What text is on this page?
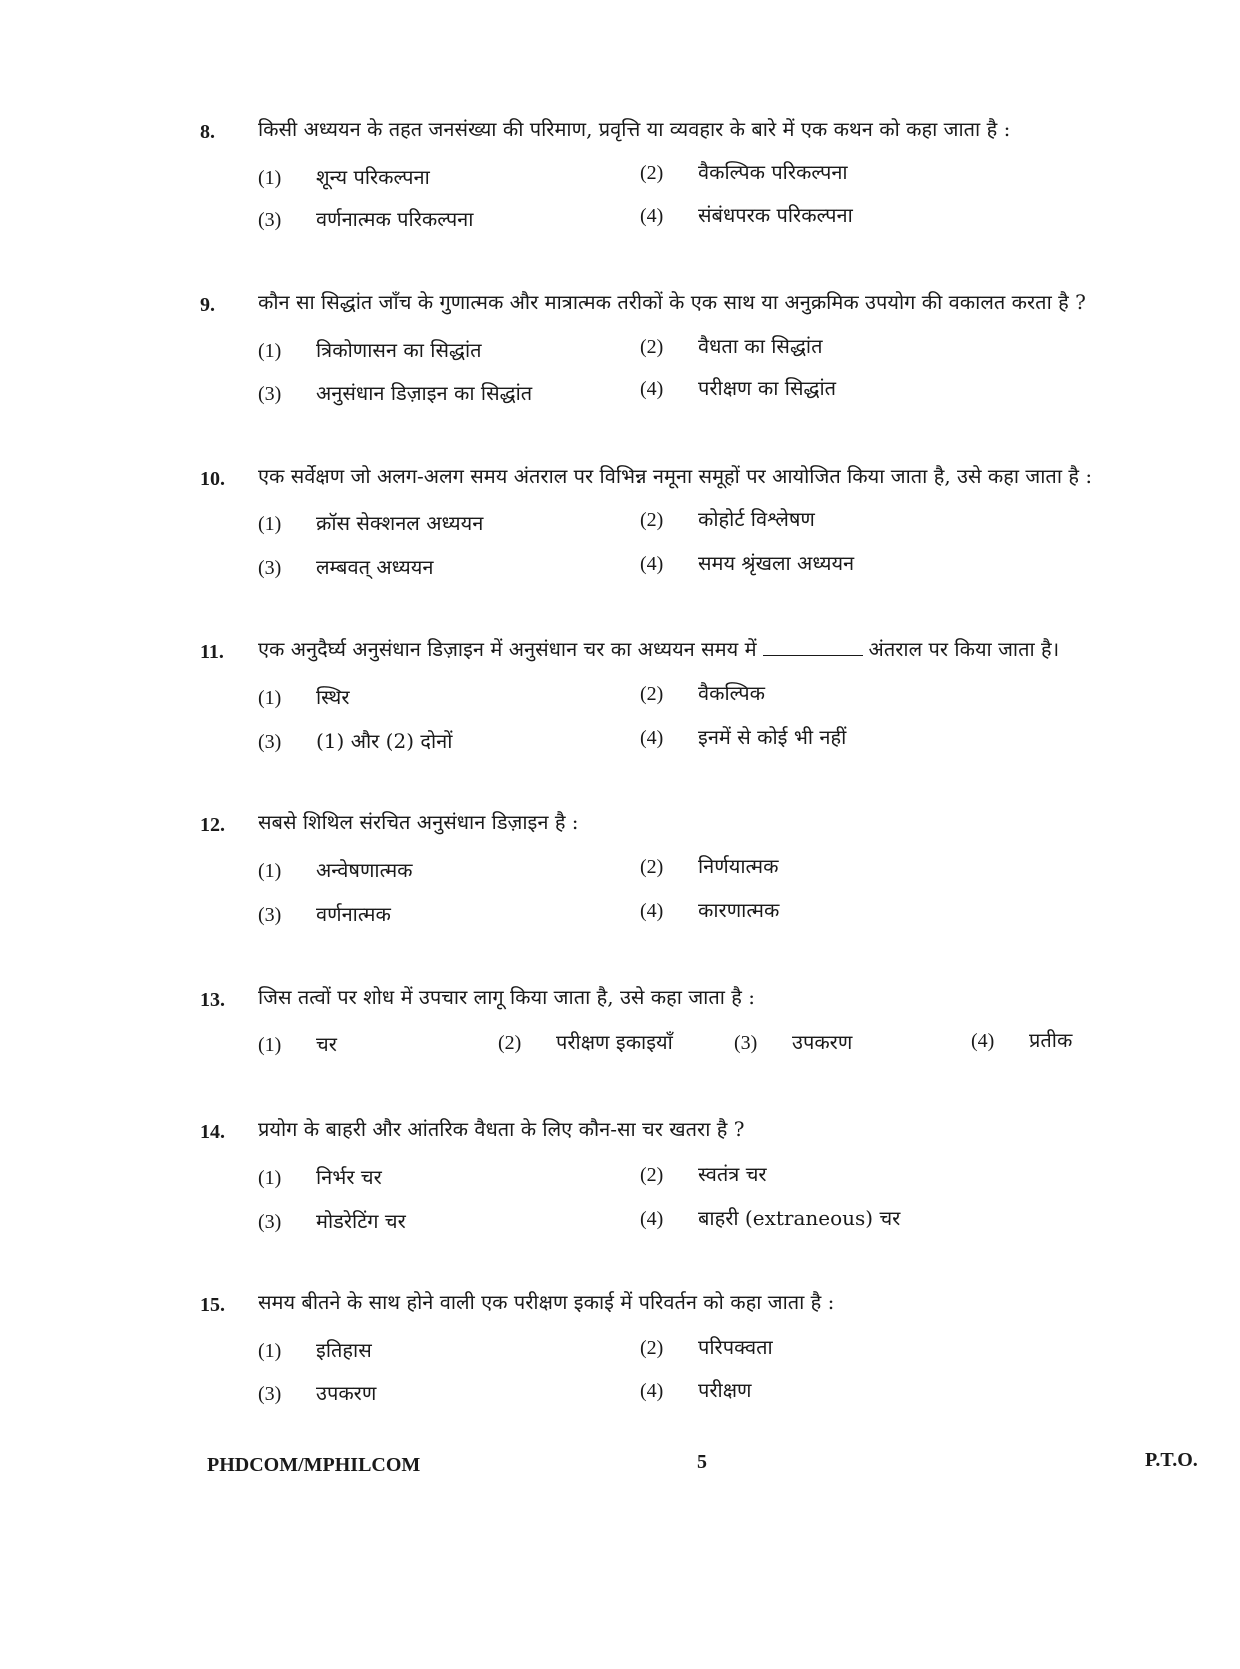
8. किसी अध्ययन के तहत जनसंख्या की परिमाण, प्रवृत्ति या व्यवहार के बारे में एक कथन को कहा जाता है :
(1) शून्य परिकल्पना	(2) वैकल्पिक परिकल्पना
(3) वर्णनात्मक परिकल्पना	(4) संबंधपरक परिकल्पना
9. कौन सा सिद्धांत जाँच के गुणात्मक और मात्रात्मक तरीकों के एक साथ या अनुक्रमिक उपयोग की वकालत करता है ?
(1) त्रिकोणासन का सिद्धांत	(2) वैधता का सिद्धांत
(3) अनुसंधान डिज़ाइन का सिद्धांत	(4) परीक्षण का सिद्धांत
10. एक सर्वेक्षण जो अलग-अलग समय अंतराल पर विभिन्न नमूना समूहों पर आयोजित किया जाता है, उसे कहा जाता है :
(1) क्रॉस सेक्शनल अध्ययन	(2) कोहोर्ट विश्लेषण
(3) लम्बवत् अध्ययन	(4) समय श्रृंखला अध्ययन
11. एक अनुदैर्घ्य अनुसंधान डिज़ाइन में अनुसंधान चर का अध्ययन समय में	अंतराल पर किया जाता है।
(1) स्थिर	(2) वैकल्पिक
(3) (1) और (2) दोनों	(4) इनमें से कोई भी नहीं
12. सबसे शिथिल संरचित अनुसंधान डिज़ाइन है :
(1) अन्वेषणात्मक	(2) निर्णयात्मक
(3) वर्णनात्मक	(4) कारणात्मक
13. जिस तत्वों पर शोध में उपचार लागू किया जाता है, उसे कहा जाता है :
(1) चर	(2) परीक्षण इकाइयाँ	(3) उपकरण	(4) प्रतीक
14. प्रयोग के बाहरी और आंतरिक वैधता के लिए कौन-सा चर खतरा है ?
(1) निर्भर चर	(2) स्वतंत्र चर
(3) मोडरेटिंग चर	(4) बाहरी (extraneous) चर
15. समय बीतने के साथ होने वाली एक परीक्षण इकाई में परिवर्तन को कहा जाता है :
(1) इतिहास	(2) परिपक्वता
(3) उपकरण	(4) परीक्षण
PHDCOM/MPHILCOM	5	P.T.O.
